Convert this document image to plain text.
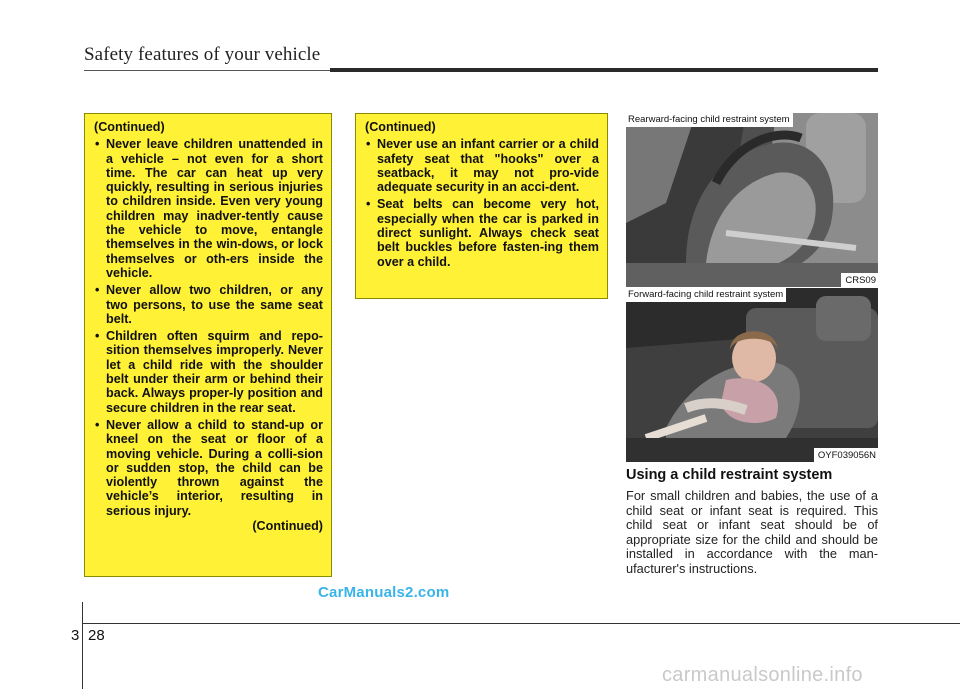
Safety features of your vehicle
(Continued)
• Never leave children unattended in a vehicle – not even for a short time. The car can heat up very quickly, resulting in serious injuries to children inside. Even very young children may inadver-tently cause the vehicle to move, entangle themselves in the win-dows, or lock themselves or oth-ers inside the vehicle.
• Never allow two children, or any two persons, to use the same seat belt.
• Children often squirm and repo-sition themselves improperly. Never let a child ride with the shoulder belt under their arm or behind their back. Always proper-ly position and secure children in the rear seat.
• Never allow a child to stand-up or kneel on the seat or floor of a moving vehicle. During a colli-sion or sudden stop, the child can be violently thrown against the vehicle’s interior, resulting in serious injury.
(Continued)
(Continued)
• Never use an infant carrier or a child safety seat that "hooks" over a seatback, it may not pro-vide adequate security in an acci-dent.
• Seat belts can become very hot, especially when the car is parked in direct sunlight. Always check seat belt buckles before fasten-ing them over a child.
Rearward-facing child restraint system
CRS09
Forward-facing child restraint system
OYF039056N
Using a child restraint system
For small children and babies, the use of a child seat or infant seat is required. This child seat or infant seat should be of appropriate size for the child and should be installed in accordance with the man-ufacturer's instructions.
CarManuals2.com
3 28
carmanualsonline.info
